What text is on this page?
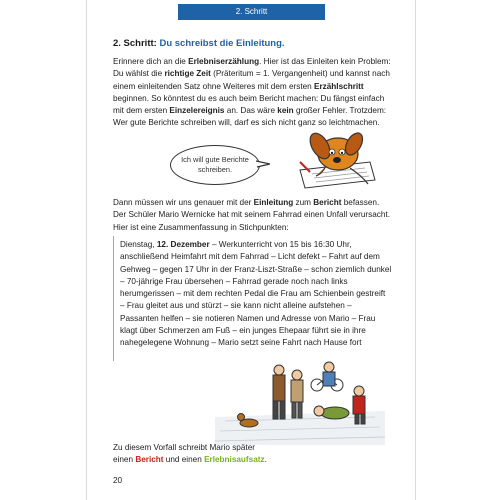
2. Schritt
2. Schritt: Du schreibst die Einleitung.
Erinnere dich an die Erlebniserzählung. Hier ist das Einleiten kein Problem: Du wählst die richtige Zeit (Präteritum = 1. Vergangenheit) und kannst nach einem einleitenden Satz ohne Weiteres mit dem ersten Erzählschritt beginnen. So könntest du es auch beim Bericht machen: Du fängst einfach mit dem ersten Einzelereignis an. Das wäre kein großer Fehler. Trotzdem: Wer gute Berichte schreiben will, darf es sich nicht ganz so leichtmachen.
Ich will gute Berichte schreiben.
Dann müssen wir uns genauer mit der Einleitung zum Bericht befassen. Der Schüler Mario Wernicke hat mit seinem Fahrrad einen Unfall verursacht. Hier ist eine Zusammenfassung in Stichpunkten:
Dienstag, 12. Dezember – Werkunterricht von 15 bis 16:30 Uhr, anschließend Heimfahrt mit dem Fahrrad – Licht defekt – Fahrt auf dem Gehweg – gegen 17 Uhr in der Franz-Liszt-Straße – schon ziemlich dunkel – 70-jährige Frau übersehen – Fahrrad gerade noch nach links herumgerissen – mit dem rechten Pedal die Frau am Schienbein gestreift – Frau gleitet aus und stürzt – sie kann nicht alleine aufstehen – Passanten helfen – sie notieren Namen und Adresse von Mario – Frau klagt über Schmerzen am Fuß – ein junges Ehepaar führt sie in ihre nahegelegene Wohnung – Mario setzt seine Fahrt nach Hause fort
Zu diesem Vorfall schreibt Mario später
einen Bericht und einen Erlebnisaufsatz.
20
